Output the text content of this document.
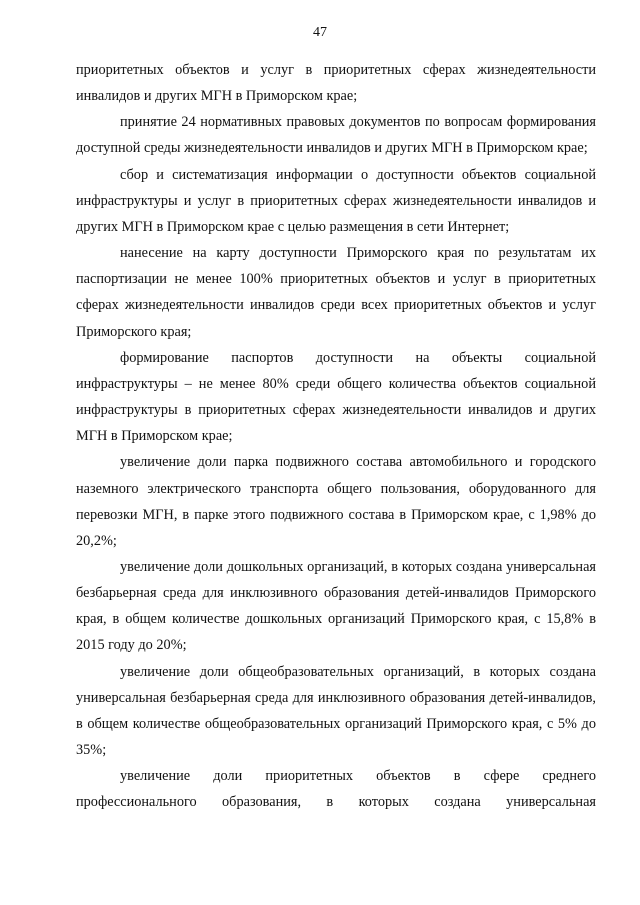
47

приоритетных объектов и услуг в приоритетных сферах жизнедеятельности инвалидов и других МГН в Приморском крае;

принятие 24 нормативных правовых документов по вопросам формирования доступной среды жизнедеятельности инвалидов и других МГН в Приморском крае;

сбор и систематизация информации о доступности объектов социальной инфраструктуры и услуг в приоритетных сферах жизнедеятельности инвалидов и других МГН в Приморском крае с целью размещения в сети Интернет;

нанесение на карту доступности Приморского края по результатам их паспортизации не менее 100% приоритетных объектов и услуг в приоритетных сферах жизнедеятельности инвалидов среди всех приоритетных объектов и услуг Приморского края;

формирование паспортов доступности на объекты социальной инфраструктуры – не менее 80% среди общего количества объектов социальной инфраструктуры в приоритетных сферах жизнедеятельности инвалидов и других МГН в Приморском крае;

увеличение доли парка подвижного состава автомобильного и городского наземного электрического транспорта общего пользования, оборудованного для перевозки МГН, в парке этого подвижного состава в Приморском крае, с 1,98% до 20,2%;

увеличение доли дошкольных организаций, в которых создана универсальная безбарьерная среда для инклюзивного образования детей-инвалидов Приморского края, в общем количестве дошкольных организаций Приморского края, с 15,8% в 2015 году до 20%;

увеличение доли общеобразовательных организаций, в которых создана универсальная безбарьерная среда для инклюзивного образования детей-инвалидов, в общем количестве общеобразовательных организаций Приморского края, с 5% до 35%;

увеличение доли приоритетных объектов в сфере среднего профессионального образования, в которых создана универсальная
